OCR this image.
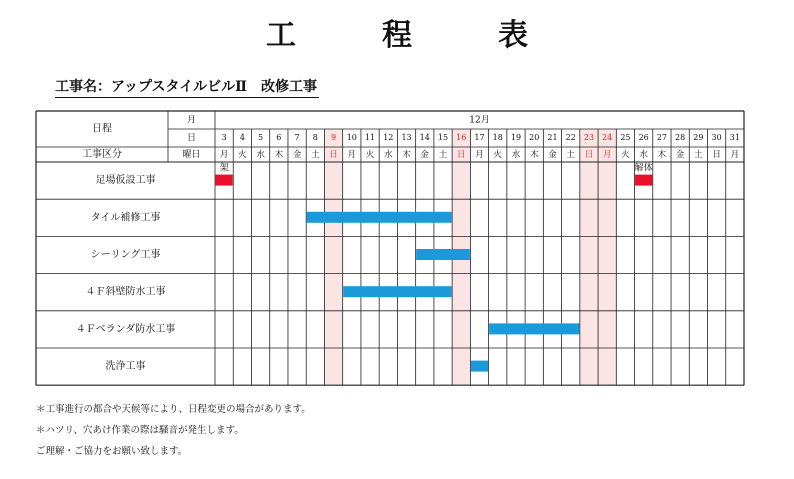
工　程　表
工事名：アップスタイルビルⅡ　改修工事
日程
月
日
工事区分	曜日
12月
3
月
4
火
5
水
6
木
7
金
8
土
9
日
10
月
11
火
12
水
13
木
14
金
15
土
16
日
17
月
18
火
19
水
20
木
21
金
22
土
23
日
24
月
25
火
26
水
27
木
28
金
29
土
30
日
31
月
足場仮設工事
架	解体
タイル補修工事
シーリング工事
４Ｆ斜壁防水工事
４Ｆベランダ防水工事
洗浄工事
＊工事進行の都合や天候等により、日程変更の場合があります。
＊ハツリ、穴あけ作業の際は騒音が発生します。
ご理解・ご協力をお願い致します。
